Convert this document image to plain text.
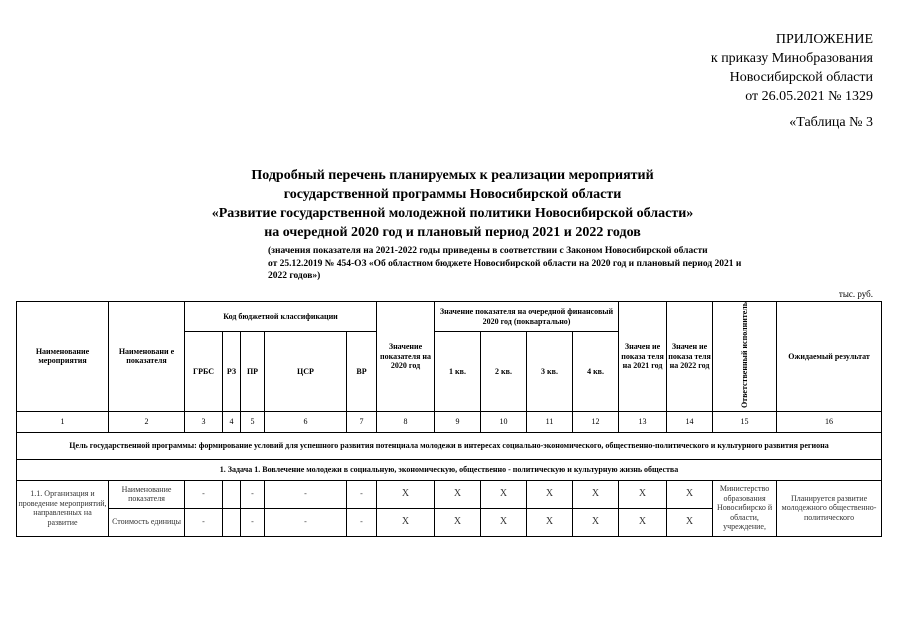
ПРИЛОЖЕНИЕ
к приказу Минобразования
Новосибирской области
от 26.05.2021 № 1329
«Таблица № 3
Подробный перечень планируемых к реализации мероприятий
государственной программы Новосибирской области
«Развитие государственной молодежной политики Новосибирской области»
на очередной 2020 год и плановый период 2021 и 2022 годов
(значения показателя на 2021-2022 годы приведены в соответствии с Законом Новосибирской области
от 25.12.2019 № 454-ОЗ «Об областном бюджете Новосибирской области на 2020 год и плановый период 2021 и
2022 годов»)
тыс. руб.
Наименование мероприятия	Наименовани е показателя	Код бюджетной классификации					Значение показателя на 2020 год	Значение показателя на очередной финансовый 2020 год (поквартально)				Значен ие показа теля на 2021 год	Значен ие показа теля на 2022 год	Ответственный исполнитель	Ожидаемый результат
		ГРБС	РЗ	ПР	ЦСР	ВР		1 кв.	2 кв.	3 кв.	4 кв.				
1	2	3	4	5	6	7	8	9	10	11	12	13	14	15	16
Цель государственной программы: формирование условий для успешного развития потенциала молодежи в интересах социально-экономического, общественно-политического и культурного развития региона															
1. Задача 1. Вовлечение молодежи в социальную, экономическую, общественно - политическую и культурную жизнь общества															
1.1. Организация и проведение мероприятий, направленных на развитие	Наименование показателя	-		-	-	-	X	X	X	X	X	X	X	Министерство образования Новосибирско й области, учреждение,	Планируется развитие молодежного общественно- политического
	Стоимость единицы	-		-	-	-	X	X	X	X	X	X	X		
